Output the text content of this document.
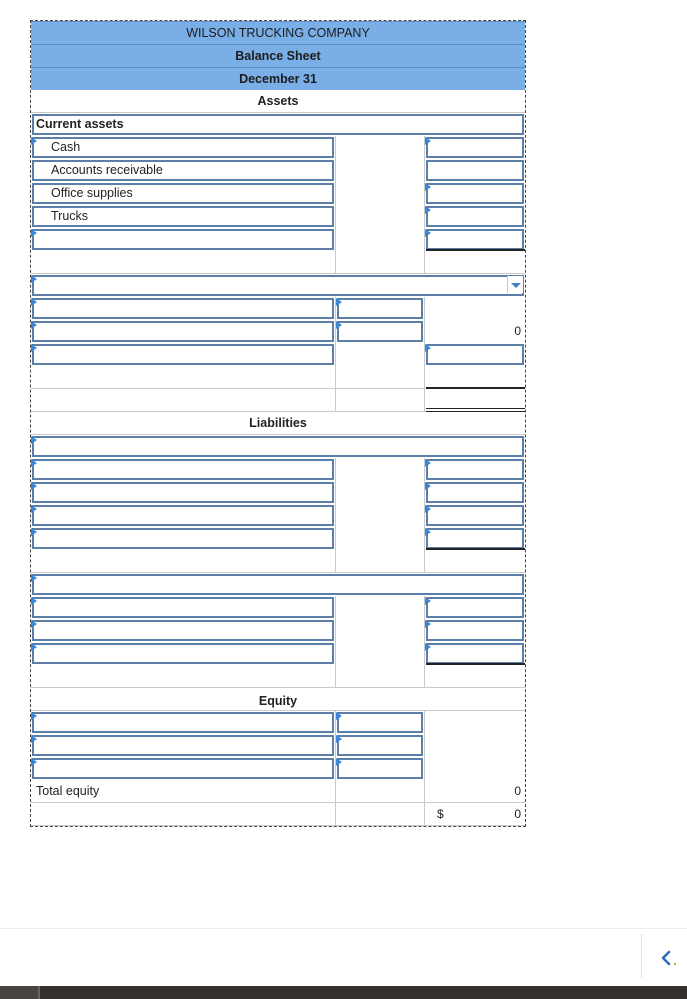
WILSON TRUCKING COMPANY
Balance Sheet
December 31
Assets
Current assets
Cash
Accounts receivable
Office supplies
Trucks
0
Liabilities
Equity
Total equity	0
$	0
